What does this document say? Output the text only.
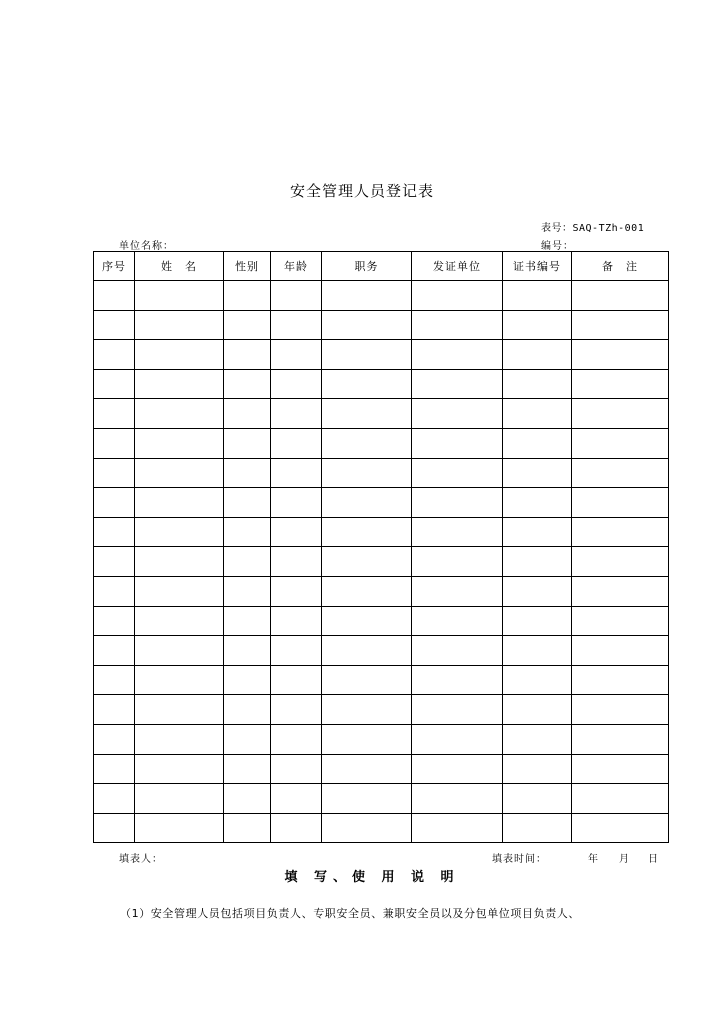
安全管理人员登记表
表号：SAQ-TZh-001
单位名称：	编号：
序号	姓　名	性别	年龄	职务	发证单位	证书编号	备　注

填表人：	填表时间：	年 月 日
填 写、使 用 说 明
（1）安全管理人员包括项目负责人、专职安全员、兼职安全员以及分包单位项目负责人、
